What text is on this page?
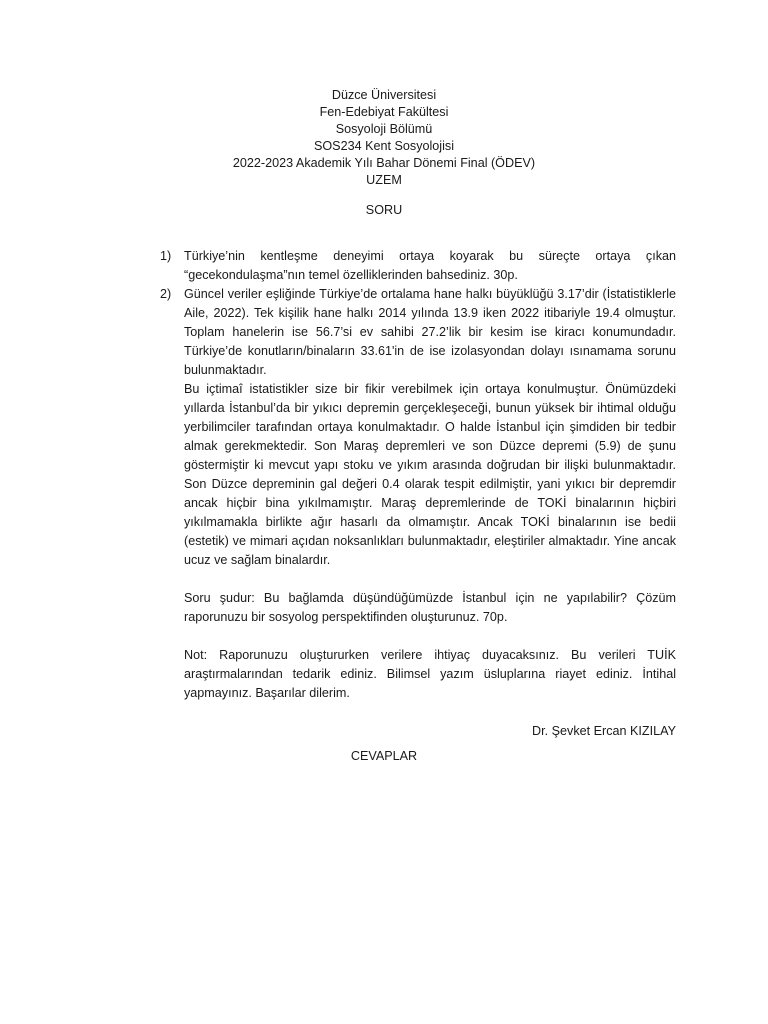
Düzce Üniversitesi
Fen-Edebiyat Fakültesi
Sosyoloji Bölümü
SOS234 Kent Sosyolojisi
2022-2023 Akademik Yılı Bahar Dönemi Final (ÖDEV)
UZEM
SORU
1)	Türkiye’nin kentleşme deneyimi ortaya koyarak bu süreçte ortaya çıkan “gecekondulaşma”nın temel özelliklerinden bahsediniz. 30p.

2)	Güncel veriler eşliğinde Türkiye’de ortalama hane halkı büyüklüğü 3.17’dir (İstatistiklerle Aile, 2022). Tek kişilik hane halkı 2014 yılında 13.9 iken 2022 itibariyle 19.4 olmuştur. Toplam hanelerin ise 56.7’si ev sahibi 27.2’lik bir kesim ise kiracı konumundadır. Türkiye’de konutların/binaların 33.61'in de ise izolasyondan dolayı ısınamama sorunu bulunmaktadır.

Bu içtimaî istatistikler size bir fikir verebilmek için ortaya konulmuştur. Önümüzdeki yıllarda İstanbul’da bir yıkıcı depremin gerçekleşeceği, bunun yüksek bir ihtimal olduğu yerbilimciler tarafından ortaya konulmaktadır. O halde İstanbul için şimdiden bir tedbir almak gerekmektedir. Son Maraş depremleri ve son Düzce depremi (5.9) de şunu göstermiştir ki mevcut yapı stoku ve yıkım arasında doğrudan bir ilişki bulunmaktadır. Son Düzce depreminin gal değeri 0.4 olarak tespit edilmiştir, yani yıkıcı bir depremdir ancak hiçbir bina yıkılmamıştır. Maraş depremlerinde de TOKİ binalarının hiçbiri yıkılmamakla birlikte ağır hasarlı da olmamıştır. Ancak TOKİ binalarının ise bedii (estetik) ve mimari açıdan noksanlıkları bulunmaktadır, eleştiriler almaktadır. Yine ancak ucuz ve sağlam binalardır.

Soru şudur: Bu bağlamda düşündüğümüzde İstanbul için ne yapılabilir? Çözüm raporunuzu bir sosyolog perspektifinden oluşturunuz. 70p.

Not: Raporunuzu oluştururken verilere ihtiyaç duyacaksınız. Bu verileri TUİK araştırmalarından tedarik ediniz. Bilimsel yazım üsluplarına riayet ediniz. İntihal yapmayınız. Başarılar dilerim.

Dr. Şevket Ercan KIZILAY

CEVAPLAR
